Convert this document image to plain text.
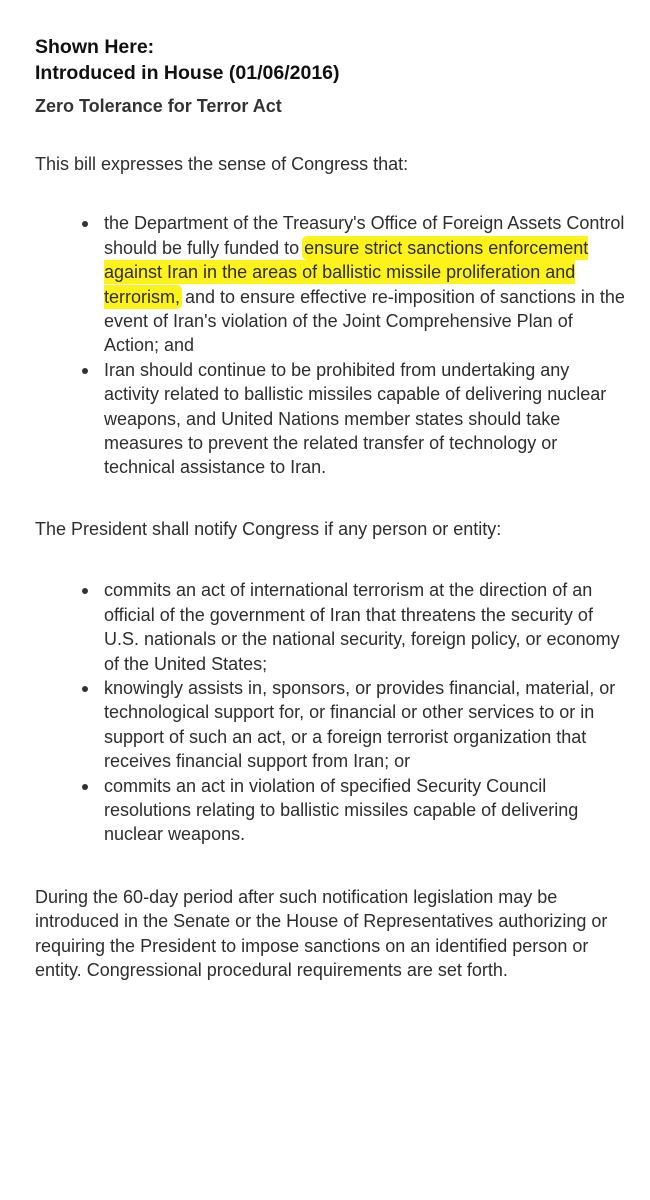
Shown Here:

Introduced in House (01/06/2016)

Zero Tolerance for Terror Act

This bill expresses the sense of Congress that:

the Department of the Treasury's Office of Foreign Assets Control should be fully funded to ensure strict sanctions enforcement against Iran in the areas of ballistic missile proliferation and terrorism, and to ensure effective re-imposition of sanctions in the event of Iran's violation of the Joint Comprehensive Plan of Action; and
Iran should continue to be prohibited from undertaking any activity related to ballistic missiles capable of delivering nuclear weapons, and United Nations member states should take measures to prevent the related transfer of technology or technical assistance to Iran.

The President shall notify Congress if any person or entity:

commits an act of international terrorism at the direction of an official of the government of Iran that threatens the security of U.S. nationals or the national security, foreign policy, or economy of the United States;
knowingly assists in, sponsors, or provides financial, material, or technological support for, or financial or other services to or in support of such an act, or a foreign terrorist organization that receives financial support from Iran; or
commits an act in violation of specified Security Council resolutions relating to ballistic missiles capable of delivering nuclear weapons.

During the 60-day period after such notification legislation may be introduced in the Senate or the House of Representatives authorizing or requiring the President to impose sanctions on an identified person or entity. Congressional procedural requirements are set forth.
